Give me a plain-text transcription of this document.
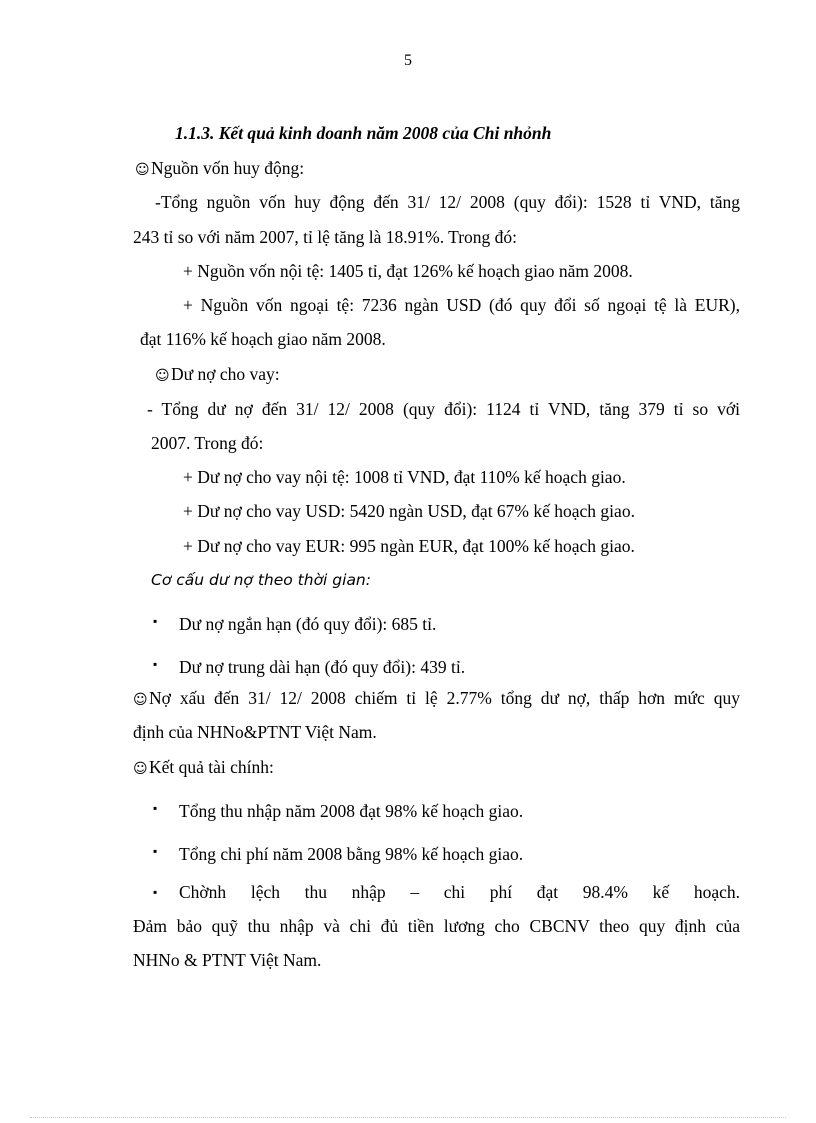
5
1.1.3. Kết quả kinh doanh năm 2008 của Chi nhỏnh
☺Nguồn vốn huy động:
-Tổng nguồn vốn huy động đến 31/ 12/ 2008 (quy đổi): 1528 tỉ VND, tăng
243 tỉ so với năm 2007, tỉ lệ tăng là 18.91%. Trong đó:
+ Nguồn vốn nội tệ: 1405 tỉ, đạt 126% kế hoạch giao năm 2008.
+ Nguồn vốn ngoại tệ: 7236 ngàn USD (đó quy đổi số ngoại tệ là EUR),
đạt 116% kế hoạch giao năm 2008.
☺Dư nợ cho vay:
- Tổng dư nợ đến 31/ 12/ 2008 (quy đổi): 1124 tỉ VND, tăng 379 tỉ so với
2007. Trong đó:
+ Dư nợ cho vay nội tệ: 1008 tỉ VND, đạt 110% kế hoạch giao.
+ Dư nợ cho vay USD: 5420 ngàn USD, đạt 67% kế hoạch giao.
+ Dư nợ cho vay EUR: 995 ngàn EUR, đạt 100% kế hoạch giao.
Cơ cấu dư nợ theo thời gian:
▪ Dư nợ ngắn hạn (đó quy đổi): 685 tỉ.
▪ Dư nợ trung dài hạn (đó quy đổi): 439 tỉ.
☺Nợ xấu đến 31/ 12/ 2008 chiếm tỉ lệ 2.77% tổng dư nợ, thấp hơn mức quy
định của NHNo&PTNT Việt Nam.
☺Kết quả tài chính:
▪ Tổng thu nhập năm 2008 đạt 98% kế hoạch giao.
▪ Tổng chi phí năm 2008 bằng 98% kế hoạch giao.
▪	Chờnh lệch thu nhập – chi phí đạt 98.4% kế hoạch.
Đảm bảo quỹ thu nhập và chi đủ tiền lương cho CBCNV theo quy định của
NHNo & PTNT Việt Nam.
